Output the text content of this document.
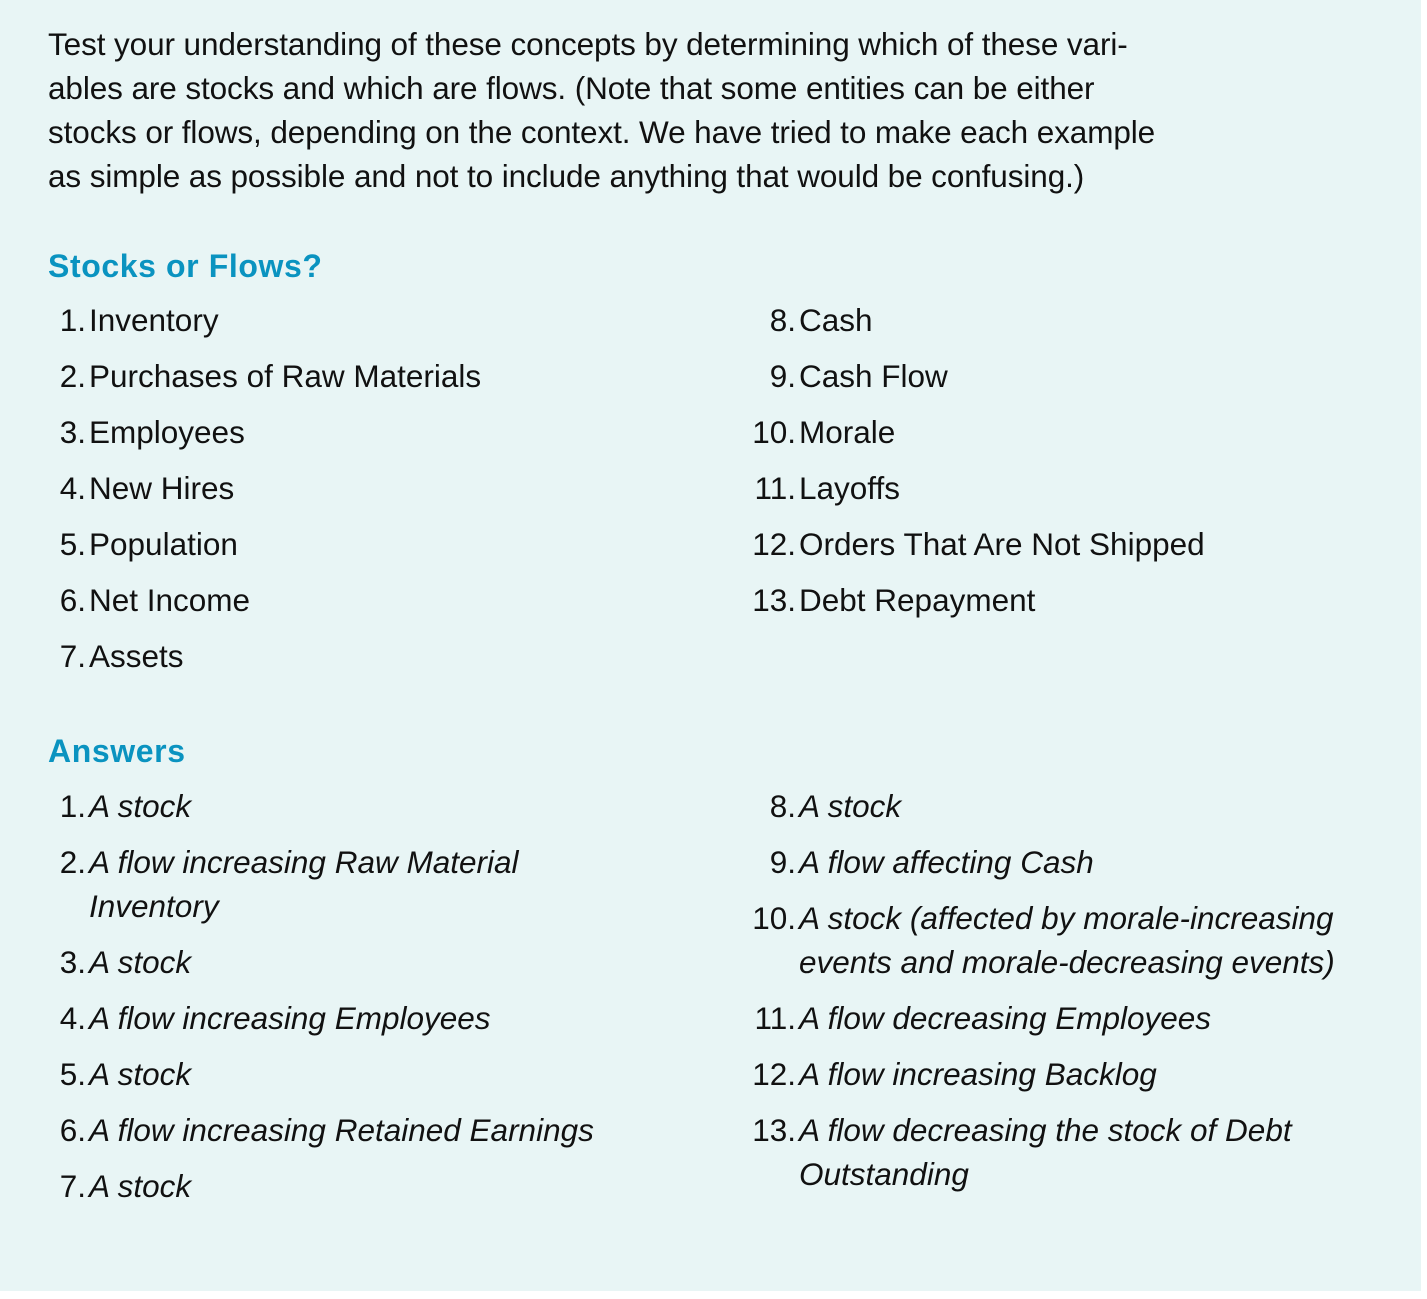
Test your understanding of these concepts by determining which of these vari-
ables are stocks and which are flows. (Note that some entities can be either
stocks or flows, depending on the context. We have tried to make each example
as simple as possible and not to include anything that would be confusing.)
Stocks or Flows?
1. Inventory
2. Purchases of Raw Materials
3. Employees
4. New Hires
5. Population
6. Net Income
7. Assets
8. Cash
9. Cash Flow
10. Morale
11. Layoffs
12. Orders That Are Not Shipped
13. Debt Repayment
Answers
1. A stock
2. A flow increasing Raw Material Inventory
3. A stock
4. A flow increasing Employees
5. A stock
6. A flow increasing Retained Earnings
7. A stock
8. A stock
9. A flow affecting Cash
10. A stock (affected by morale-increasing events and morale-decreasing events)
11. A flow decreasing Employees
12. A flow increasing Backlog
13. A flow decreasing the stock of Debt Outstanding
